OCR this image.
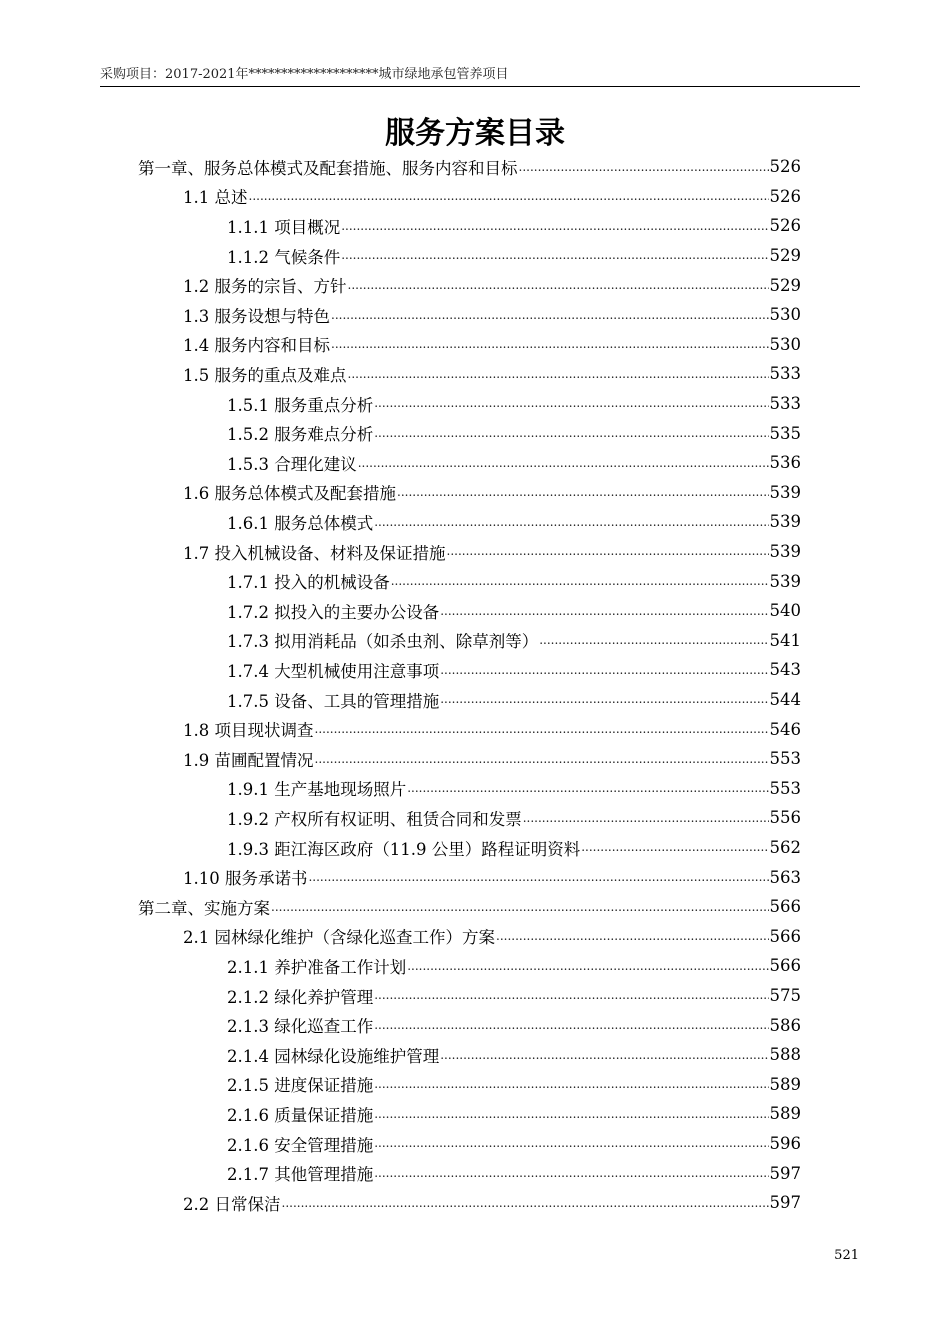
采购项目：2017-2021年********************城市绿地承包管养项目
服务方案目录
第一章、服务总体模式及配套措施、服务内容和目标 .....	526
1.1 总述 .....	526
1.1.1 项目概况 .....	526
1.1.2 气候条件 .....	529
1.2 服务的宗旨、方针 .....	529
1.3 服务设想与特色 .....	530
1.4 服务内容和目标 .....	530
1.5 服务的重点及难点 .....	533
1.5.1 服务重点分析 .....	533
1.5.2 服务难点分析 .....	535
1.5.3 合理化建议 .....	536
1.6 服务总体模式及配套措施 .....	539
1.6.1 服务总体模式 .....	539
1.7 投入机械设备、材料及保证措施 .....	539
1.7.1 投入的机械设备 .....	539
1.7.2 拟投入的主要办公设备 .....	540
1.7.3 拟用消耗品（如杀虫剂、除草剂等） .....	541
1.7.4 大型机械使用注意事项 .....	543
1.7.5 设备、工具的管理措施 .....	544
1.8 项目现状调查 .....	546
1.9 苗圃配置情况 .....	553
1.9.1 生产基地现场照片 .....	553
1.9.2 产权所有权证明、租赁合同和发票 .....	556
1.9.3 距江海区政府（11.9 公里）路程证明资料 .....	562
1.10 服务承诺书 .....	563
第二章、实施方案 .....	566
2.1 园林绿化维护（含绿化巡查工作）方案 .....	566
2.1.1 养护准备工作计划 .....	566
2.1.2 绿化养护管理 .....	575
2.1.3 绿化巡查工作 .....	586
2.1.4 园林绿化设施维护管理 .....	588
2.1.5 进度保证措施 .....	589
2.1.6 质量保证措施 .....	589
2.1.6 安全管理措施 .....	596
2.1.7 其他管理措施 .....	597
2.2 日常保洁 .....	597
521
